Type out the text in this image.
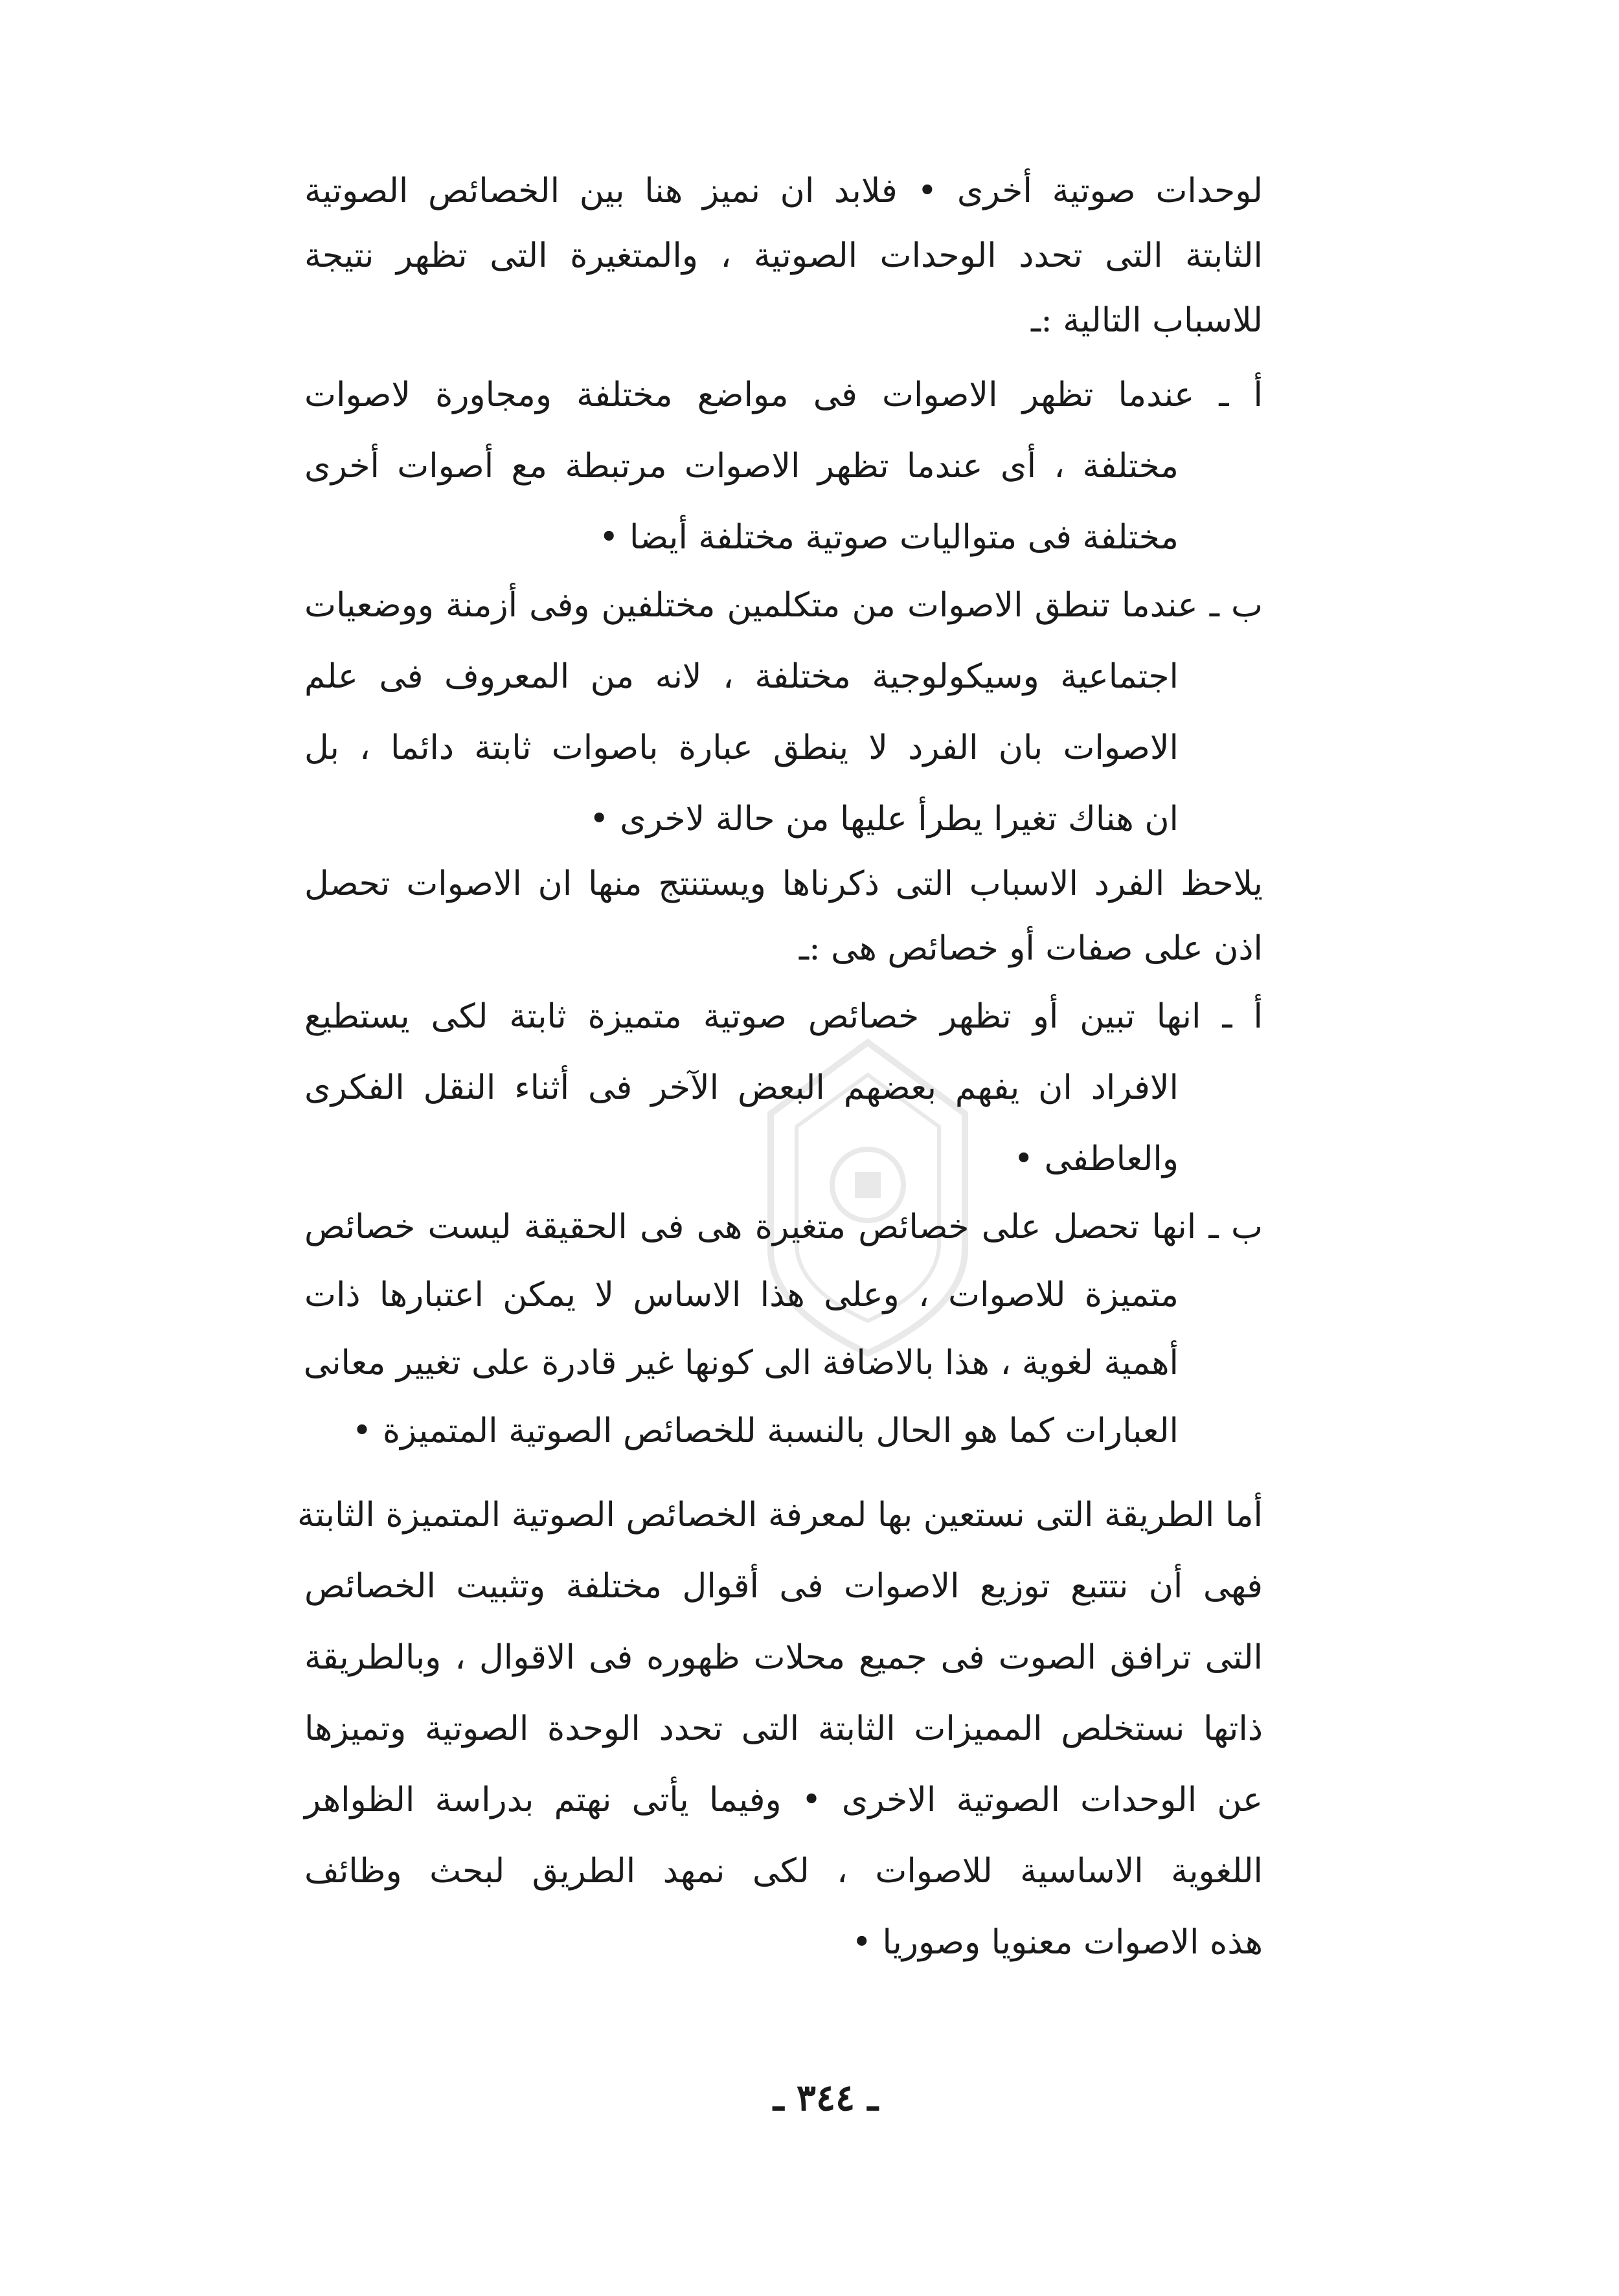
لوحدات صوتية أخرى • فلابد ان نميز هنا بين الخصائص الصوتية
الثابتة التى تحدد الوحدات الصوتية ، والمتغيرة التى تظهر نتيجة
للاسباب التالية :ـ
أ ـ عندما تظهر الاصوات فى مواضع مختلفة ومجاورة لاصوات
مختلفة ، أى عندما تظهر الاصوات مرتبطة مع أصوات أخرى
مختلفة فى متواليات صوتية مختلفة أيضا •
ب ـ عندما تنطق الاصوات من متكلمين مختلفين وفى أزمنة ووضعيات
اجتماعية وسيكولوجية مختلفة ، لانه من المعروف فى علم
الاصوات بان الفرد لا ينطق عبارة باصوات ثابتة دائما ، بل
ان هناك تغيرا يطرأ عليها من حالة لاخرى •
يلاحظ الفرد الاسباب التى ذكرناها ويستنتج منها ان الاصوات تحصل
اذن على صفات أو خصائص هى :ـ
أ ـ انها تبين أو تظهر خصائص صوتية متميزة ثابتة لكى يستطيع
الافراد ان يفهم بعضهم البعض الآخر فى أثناء النقل الفكرى
والعاطفى •
ب ـ انها تحصل على خصائص متغيرة هى فى الحقيقة ليست خصائص
متميزة للاصوات ، وعلى هذا الاساس لا يمكن اعتبارها ذات
أهمية لغوية ، هذا بالاضافة الى كونها غير قادرة على تغيير معانى
العبارات كما هو الحال بالنسبة للخصائص الصوتية المتميزة •
أما الطريقة التى نستعين بها لمعرفة الخصائص الصوتية المتميزة الثابتة
فهى أن نتتبع توزيع الاصوات فى أقوال مختلفة وتثبيت الخصائص
التى ترافق الصوت فى جميع محلات ظهوره فى الاقوال ، وبالطريقة
ذاتها نستخلص المميزات الثابتة التى تحدد الوحدة الصوتية وتميزها
عن الوحدات الصوتية الاخرى • وفيما يأتى نهتم بدراسة الظواهر
اللغوية الاساسية للاصوات ، لكى نمهد الطريق لبحث وظائف
هذه الاصوات معنويا وصوريا •
ـ ٣٤٤ ـ
